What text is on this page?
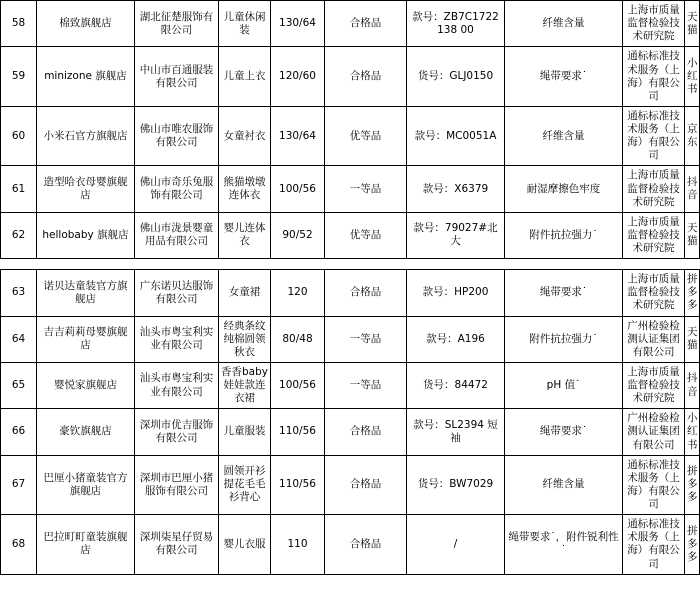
58	棉致旗舰店	湖北征楚服饰有限公司	儿童休闲装	130/64	合格品	款号：ZB7C1722138 00	纤维含量	上海市质量监督检验技术研究院	天猫
59	minizone 旗舰店	中山市百通服装有限公司	儿童上衣	120/60	合格品	货号：GLJ0150	绳带要求˙	通标标准技术服务（上海）有限公司	小红书
60	小米石官方旗舰店	佛山市唯农服饰有限公司	女童衬衣	130/64	优等品	款号：MC0051A	纤维含量	通标标准技术服务（上海）有限公司	京东
61	造型哈衣母婴旗舰店	佛山市奇乐兔服饰有限公司	熊猫墩墩连体衣	100/56	一等品	款号：X6379	耐湿摩擦色牢度	上海市质量监督检验技术研究院	抖音
62	hellobaby 旗舰店	佛山市泷景婴童用品有限公司	婴儿连体衣	90/52	优等品	款号：79027#北大	附件抗拉强力˙	上海市质量监督检验技术研究院	天猫
63	诺贝达童装官方旗舰店	广东诺贝达服饰有限公司	女童裙	120	合格品	款号：HP200	绳带要求˙	上海市质量监督检验技术研究院	拼多多
64	吉吉莉莉母婴旗舰店	汕头市粤宝利实业有限公司	经典条纹纯棉圆领秋衣	80/48	一等品	款号：A196	附件抗拉强力˙	广州检验检测认证集团有限公司	天猫
65	婴悦家旗舰店	汕头市粤宝利实业有限公司	香香baby娃娃款连衣裙	100/56	一等品	货号：84472	pH 值˙	上海市质量监督检验技术研究院	抖音
66	豪钦旗舰店	深圳市优吉服饰有限公司	儿童服装	110/56	合格品	款号：SL2394 短袖	绳带要求˙	广州检验检测认证集团有限公司	小红书
67	巴厘小猪童装官方旗舰店	深圳市巴厘小猪服饰有限公司	圆领开衫提花毛毛衫背心	110/56	合格品	货号：BW7029	纤维含量	通标标准技术服务（上海）有限公司	拼多多
68	巴拉町町童装旗舰店	深圳柒星仔贸易有限公司	婴儿衣服	110	合格品	/	绳带要求˙，附件锐利性˙	通标标准技术服务（上海）有限公司	拼多多
